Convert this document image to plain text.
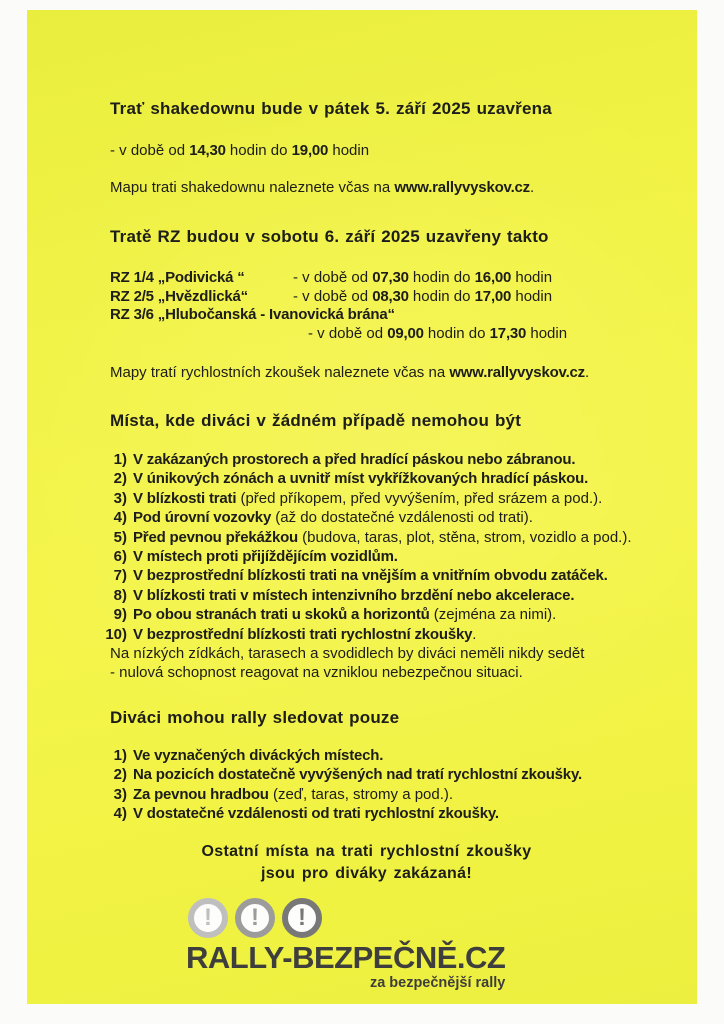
Trať shakedownu bude v pátek 5. září 2025 uzavřena

- v době od 14,30 hodin do 19,00 hodin

Mapu trati shakedownu naleznete včas na www.rallyvyskov.cz.

Tratě RZ budou v sobotu 6. září 2025 uzavřeny takto

RZ 1/4 „Podivická “	- v době od 07,30 hodin do 16,00 hodin
RZ 2/5 „Hvězdlická“	- v době od 08,30 hodin do 17,00 hodin
RZ 3/6 „Hlubočanská - Ivanovická brána“
- v době od 09,00 hodin do 17,30 hodin

Mapy tratí rychlostních zkoušek naleznete včas na www.rallyvyskov.cz.

Místa, kde diváci v žádném případě nemohou být

1) V zakázaných prostorech a před hradící páskou nebo zábranou.
2) V únikových zónách a uvnitř míst vykřížkovaných hradící páskou.
3) V blízkosti trati (před příkopem, před vyvýšením, před srázem a pod.).
4) Pod úrovní vozovky (až do dostatečné vzdálenosti od trati).
5) Před pevnou překážkou (budova, taras, plot, stěna, strom, vozidlo a pod.).
6) V místech proti přijíždějícím vozidlům.
7) V bezprostřední blízkosti trati na vnějším a vnitřním obvodu zatáček.
8) V blízkosti trati v místech intenzivního brzdění nebo akcelerace.
9) Po obou stranách trati u skoků a horizontů (zejména za nimi).
10) V bezprostřední blízkosti trati rychlostní zkoušky.

Na nízkých zídkách, tarasech a svodidlech by diváci neměli nikdy sedět

- nulová schopnost reagovat na vzniklou nebezpečnou situaci.

Diváci mohou rally sledovat pouze

1) Ve vyznačených diváckých místech.
2) Na pozicích dostatečně vyvýšených nad tratí rychlostní zkoušky.
3) Za pevnou hradbou (zeď, taras, stromy a pod.).
4) V dostatečné vzdálenosti od trati rychlostní zkoušky.
Ostatní místa na trati rychlostní zkoušky
jsou pro diváky zakázaná!
!	!	!
RALLY-BEZPEČNĚ.CZ
za bezpečnější rally
